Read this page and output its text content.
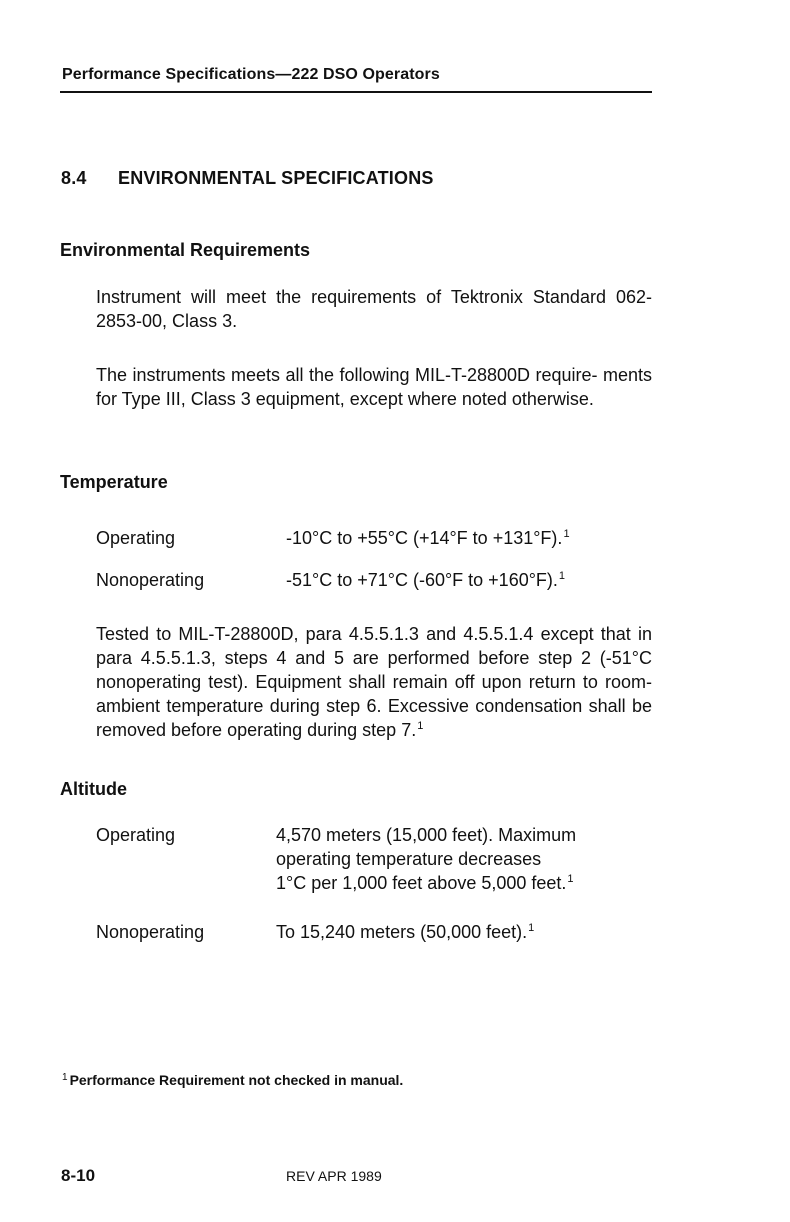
Performance Specifications—222 DSO Operators
8.4 ENVIRONMENTAL SPECIFICATIONS
Environmental Requirements
Instrument will meet the requirements of Tektronix Standard 062-2853-00, Class 3.
The instruments meets all the following MIL-T-28800D require- ments for Type III, Class 3 equipment, except where noted otherwise.
Temperature
Operating	-10°C to +55°C (+14°F to +131°F).$^1$
Nonoperating	-51°C to +71°C (-60°F to +160°F).$^1$
Tested to MIL-T-28800D, para 4.5.5.1.3 and 4.5.5.1.4 except that in para 4.5.5.1.3, steps 4 and 5 are performed before step 2 (-51°C nonoperating test). Equipment shall remain off upon return to room-ambient temperature during step 6. Excessive condensation shall be removed before operating during step 7.$^1$
Altitude
Operating	4,570 meters (15,000 feet). Maximum
operating temperature decreases
1°C per 1,000 feet above 5,000 feet.$^1$
Nonoperating	To 15,240 meters (50,000 feet).$^1$
$^1$ Performance Requirement not checked in manual.
8-10	REV APR 1989
